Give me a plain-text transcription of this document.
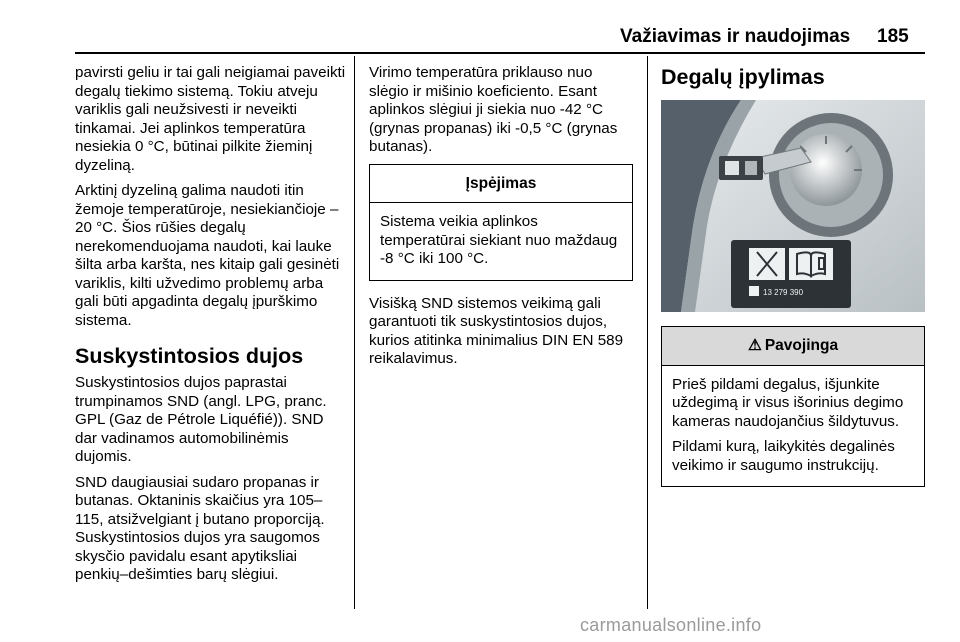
Važiavimas ir naudojimas 185

pavirsti geliu ir tai gali neigiamai paveikti degalų tiekimo sistemą. Tokiu atveju variklis gali neužsivesti ir neveikti tinkamai. Jei aplinkos temperatūra nesiekia 0 °C, būtinai pilkite žieminį dyzeliną.

Arktinį dyzeliną galima naudoti itin žemoje temperatūroje, nesiekiančioje –20 °C. Šios rūšies degalų nerekomenduojama naudoti, kai lauke šilta arba karšta, nes kitaip gali gesinėti variklis, kilti užvedimo problemų arba gali būti apgadinta degalų įpurškimo sistema.

Suskystintosios dujos

Suskystintosios dujos paprastai trumpinamos SND (angl. LPG, pranc. GPL (Gaz de Pétrole Liquéfié)). SND dar vadinamos automobilinėmis dujomis.

SND daugiausiai sudaro propanas ir butanas. Oktaninis skaičius yra 105–115, atsižvelgiant į butano proporciją. Suskystintosios dujos yra saugomos skysčio pavidalu esant apytiksliai penkių–dešimties barų slėgiui.

Virimo temperatūra priklauso nuo slėgio ir mišinio koeficiento. Esant aplinkos slėgiui ji siekia nuo -42 °C (grynas propanas) iki -0,5 °C (grynas butanas).

Įspėjimas

Sistema veikia aplinkos temperatūrai siekiant nuo maždaug -8 °C iki 100 °C.

Visišką SND sistemos veikimą gali garantuoti tik suskystintosios dujos, kurios atitinka minimalius DIN EN 589 reikalavimus.

Degalų įpylimas
13 279 390
⚠ Pavojinga

Prieš pildami degalus, išjunkite uždegimą ir visus išorinius degimo kameras naudojančius šildytuvus.

Pildami kurą, laikykitės degalinės veikimo ir saugumo instrukcijų.

carmanualsonline.info
